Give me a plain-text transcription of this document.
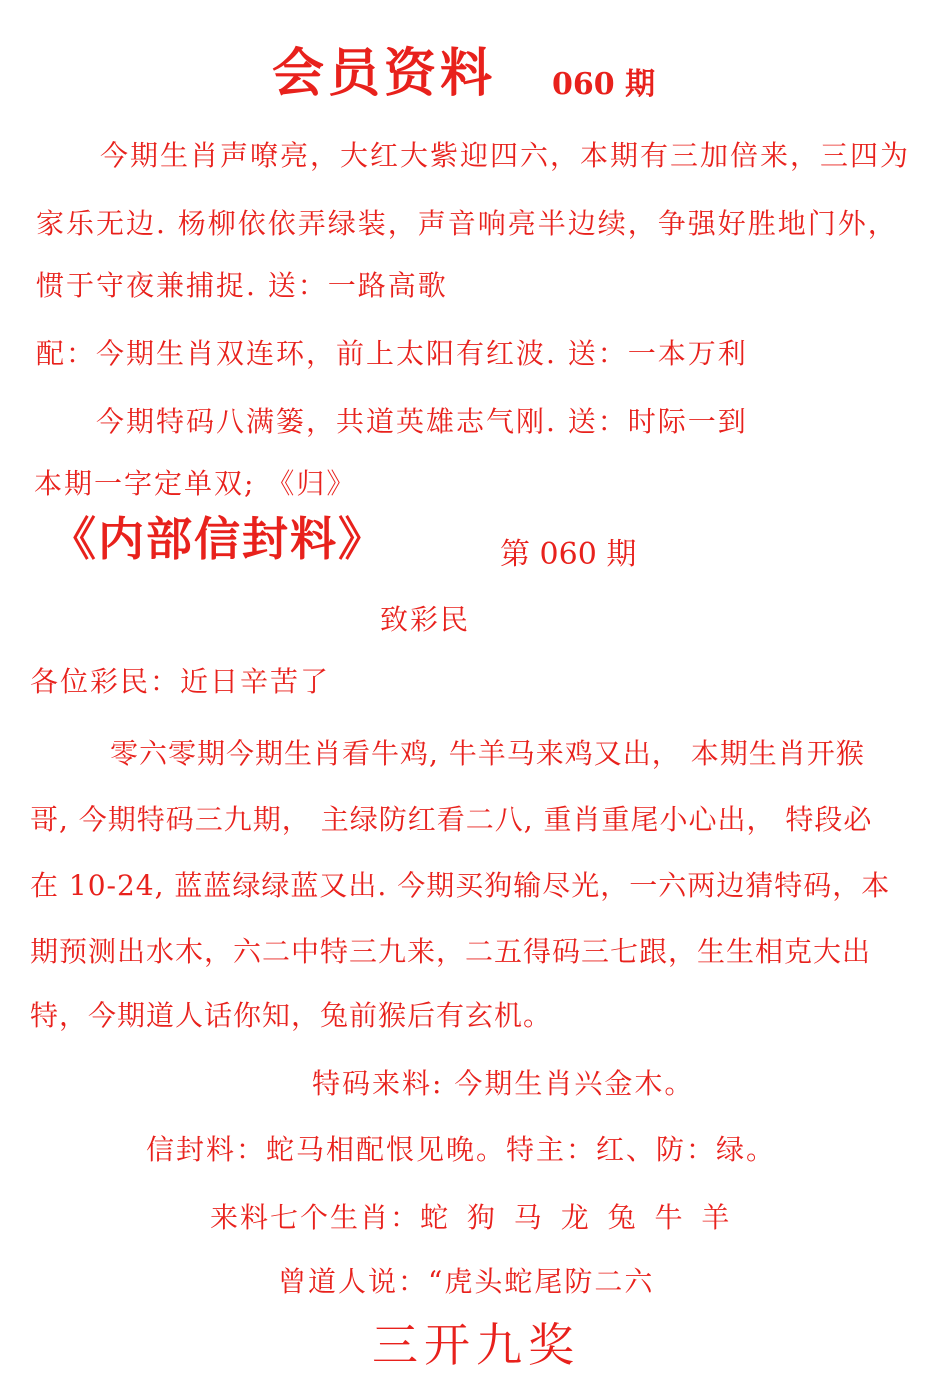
会员资料 060 期
今期生肖声嘹亮，大红大紫迎四六，本期有三加倍来，三四为
家乐无边. 杨柳依依弄绿装，声音响亮半边续，争强好胜地门外，
惯于守夜兼捕捉. 送：一路高歌
配：今期生肖双连环，前上太阳有红波. 送：一本万利
今期特码八满篓，共道英雄志气刚. 送：时际一到
本期一字定单双; 《归》
《内部信封料》	第 060 期
致彩民
各位彩民：近日辛苦了
零六零期今期生肖看牛鸡, 牛羊马来鸡又出， 本期生肖开猴
哥, 今期特码三九期， 主绿防红看二八, 重肖重尾小心出， 特段必
在 10-24, 蓝蓝绿绿蓝又出. 今期买狗输尽光，一六两边猜特码，本
期预测出水木，六二中特三九来，二五得码三七跟，生生相克大出
特，今期道人话你知，兔前猴后有玄机。
特码来料: 今期生肖兴金木。
信封料：蛇马相配恨见晚。特主：红、防：绿。
来料七个生肖：蛇 狗 马 龙 兔 牛 羊
曾道人说：“虎头蛇尾防二六
三开九奖
